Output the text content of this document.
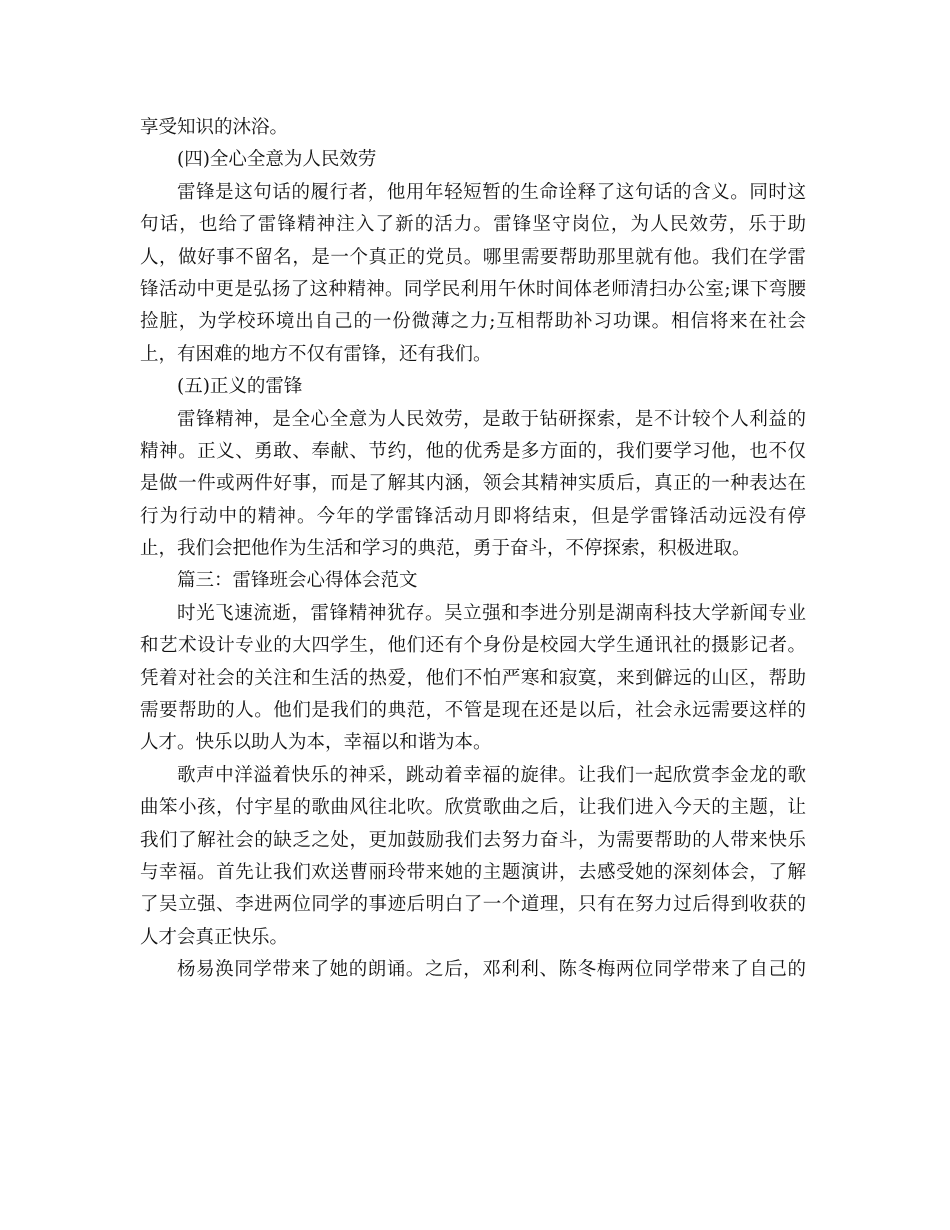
享受知识的沐浴。
(四)全心全意为人民效劳
雷锋是这句话的履行者，他用年轻短暂的生命诠释了这句话的含义。同时这
句话，也给了雷锋精神注入了新的活力。雷锋坚守岗位，为人民效劳，乐于助
人，做好事不留名，是一个真正的党员。哪里需要帮助那里就有他。我们在学雷
锋活动中更是弘扬了这种精神。同学民利用午休时间体老师清扫办公室;课下弯腰
捡脏，为学校环境出自己的一份微薄之力;互相帮助补习功课。相信将来在社会
上，有困难的地方不仅有雷锋，还有我们。
(五)正义的雷锋
雷锋精神，是全心全意为人民效劳，是敢于钻研探索，是不计较个人利益的
精神。正义、勇敢、奉献、节约，他的优秀是多方面的，我们要学习他，也不仅
是做一件或两件好事，而是了解其内涵，领会其精神实质后，真正的一种表达在
行为行动中的精神。今年的学雷锋活动月即将结束，但是学雷锋活动远没有停
止，我们会把他作为生活和学习的典范，勇于奋斗，不停探索，积极进取。
篇三：雷锋班会心得体会范文
时光飞速流逝，雷锋精神犹存。吴立强和李进分别是湖南科技大学新闻专业
和艺术设计专业的大四学生，他们还有个身份是校园大学生通讯社的摄影记者。
凭着对社会的关注和生活的热爱，他们不怕严寒和寂寞，来到僻远的山区，帮助
需要帮助的人。他们是我们的典范，不管是现在还是以后，社会永远需要这样的
人才。快乐以助人为本，幸福以和谐为本。
歌声中洋溢着快乐的神采，跳动着幸福的旋律。让我们一起欣赏李金龙的歌
曲笨小孩，付宇星的歌曲风往北吹。欣赏歌曲之后，让我们进入今天的主题，让
我们了解社会的缺乏之处，更加鼓励我们去努力奋斗，为需要帮助的人带来快乐
与幸福。首先让我们欢送曹丽玲带来她的主题演讲，去感受她的深刻体会，了解
了吴立强、李进两位同学的事迹后明白了一个道理，只有在努力过后得到收获的
人才会真正快乐。
杨易涣同学带来了她的朗诵。之后，邓利利、陈冬梅两位同学带来了自己的
